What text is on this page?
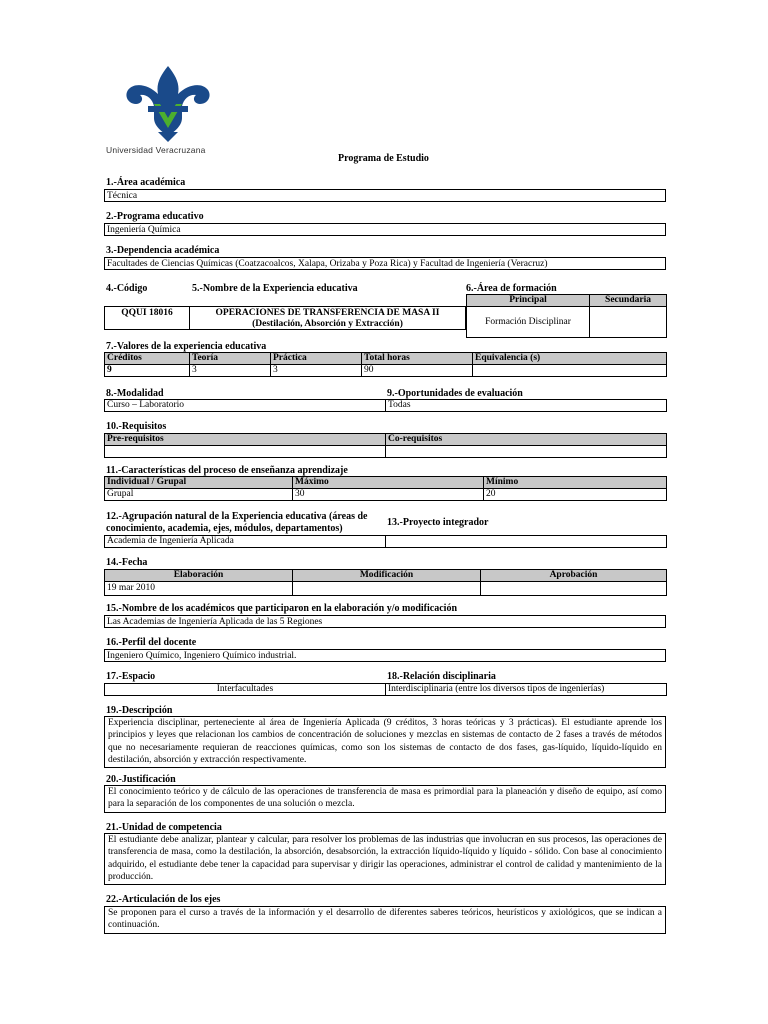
Universidad Veracruzana
Programa de Estudio
1.-Área académica
Técnica
2.-Programa educativo
Ingeniería Química
3.-Dependencia académica
Facultades de Ciencias Químicas (Coatzacoalcos, Xalapa, Orizaba y Poza Rica) y Facultad de Ingeniería (Veracruz)
4.-Código	5.-Nombre de la Experiencia educativa	6.-Área de formación
QQUI 18016	OPERACIONES DE TRANSFERENCIA DE MASA II
(Destilación, Absorción y Extracción)
Principal	Secundaria
Formación Disciplinar	
7.-Valores de la experiencia educativa
Créditos	Teoría	Práctica	Total horas	Equivalencia (s)
9	3	3	90	
8.-Modalidad	9.-Oportunidades de evaluación
Curso – Laboratorio	Todas
10.-Requisitos
Pre-requisitos	Co-requisitos

11.-Características del proceso de enseñanza aprendizaje
Individual / Grupal	Máximo	Mínimo
Grupal	30	20
12.-Agrupación natural de la Experiencia educativa (áreas de
conocimiento, academia, ejes, módulos, departamentos)
13.-Proyecto integrador
Academia de Ingeniería Aplicada	
14.-Fecha
Elaboración	Modificación	Aprobación
19 mar 2010		
15.-Nombre de los académicos que participaron en la elaboración y/o modificación
Las Academias de Ingeniería Aplicada de las 5 Regiones
16.-Perfil del docente
Ingeniero Químico, Ingeniero Químico industrial.
17.-Espacio	18.-Relación disciplinaria
Interfacultades	Interdisciplinaria (entre los diversos tipos de ingenierías)
19.-Descripción
Experiencia disciplinar, perteneciente al área de Ingeniería Aplicada (9 créditos, 3 horas teóricas y 3 prácticas). El estudiante aprende los principios y leyes que relacionan los cambios de concentración de soluciones y mezclas en sistemas de contacto de 2 fases a través de métodos que no necesariamente requieran de reacciones químicas, como son los sistemas de contacto de dos fases, gas-líquido, líquido-líquido en destilación, absorción y extracción respectivamente.
20.-Justificación
El conocimiento teórico y de cálculo de las operaciones de transferencia de masa es primordial para la planeación y diseño de equipo, así como para la separación de los componentes de una solución o mezcla.
21.-Unidad de competencia
El estudiante debe analizar, plantear y calcular, para resolver los problemas de las industrias que involucran en sus procesos, las operaciones de transferencia de masa, como la destilación, la absorción, desabsorción, la extracción líquido-líquido y líquido - sólido. Con base al conocimiento adquirido, el estudiante debe tener la capacidad para supervisar y dirigir las operaciones, administrar el control de calidad y mantenimiento de la producción.
22.-Articulación de los ejes
Se proponen para el curso a través de la información y el desarrollo de diferentes saberes teóricos, heurísticos y axiológicos, que se indican a continuación.
